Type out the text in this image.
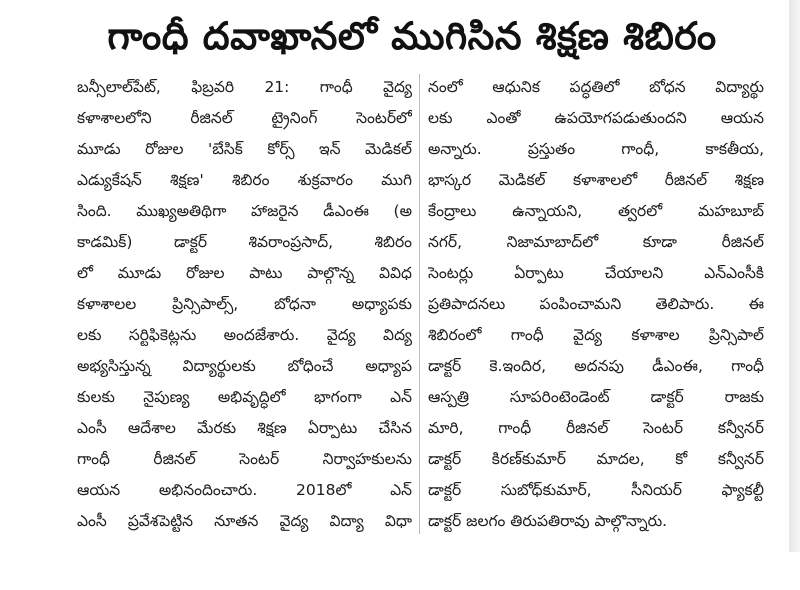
గాంధీ దవాఖానలో ముగిసిన శిక్షణ శిబిరం
బన్సీలాల్‌పేట్, ఫిబ్రవరి 21: గాంధీ వైద్య
కళాశాలలోని రీజినల్ ట్రైనింగ్ సెంటర్‌లో
మూడు రోజుల 'బేసిక్ కోర్స్ ఇన్ మెడికల్
ఎడ్యుకేషన్ శిక్షణ' శిబిరం శుక్రవారం ముగి
సింది. ముఖ్యఅతిథిగా హాజరైన డీఎంఈ (అ
కాడమిక్) డాక్టర్ శివరాంప్రసాద్, శిబిరం
లో మూడు రోజుల పాటు పాల్గొన్న వివిధ
కళాశాలల ప్రిన్సిపాల్స్, బోధనా అధ్యాపకు
లకు సర్టిఫికెట్లను అందజేశారు. వైద్య విద్య
అభ్యసిస్తున్న విద్యార్థులకు బోధించే అధ్యాప
కులకు నైపుణ్య అభివృద్ధిలో భాగంగా ఎన్
ఎంసీ ఆదేశాల మేరకు శిక్షణ ఏర్పాటు చేసిన
గాంధీ రీజినల్ సెంటర్ నిర్వాహకులను
ఆయన అభినందించారు. 2018లో ఎన్
ఎంసీ ప్రవేశపెట్టిన నూతన వైద్య విద్యా విధా
నంలో ఆధునిక పద్ధతిలో బోధన విద్యార్థు
లకు ఎంతో ఉపయోగపడుతుందని ఆయన
అన్నారు. ప్రస్తుతం గాంధీ, కాకతీయ,
భాస్కర మెడికల్ కళాశాలలో రీజినల్ శిక్షణ
కేంద్రాలు ఉన్నాయని, త్వరలో మహబూబ్
నగర్, నిజామాబాద్‌లో కూడా రీజినల్
సెంటర్లు ఏర్పాటు చేయాలని ఎన్ఎంసీకి
ప్రతిపాదనలు పంపించామని తెలిపారు. ఈ
శిబిరంలో గాంధీ వైద్య కళాశాల ప్రిన్సిపాల్
డాక్టర్ కె.ఇందిర, అదనపు డీఎంఈ, గాంధీ
ఆస్పత్రి సూపరింటెండెంట్ డాక్టర్ రాజకు
మారి, గాంధీ రీజినల్ సెంటర్ కన్వీనర్
డాక్టర్ కిరణ్‌కుమార్ మాదల, కో కన్వీనర్
డాక్టర్ సుబోధ్‌కుమార్, సీనియర్ ఫ్యాకల్టీ
డాక్టర్ జలగం తిరుపతిరావు పాల్గొన్నారు.
